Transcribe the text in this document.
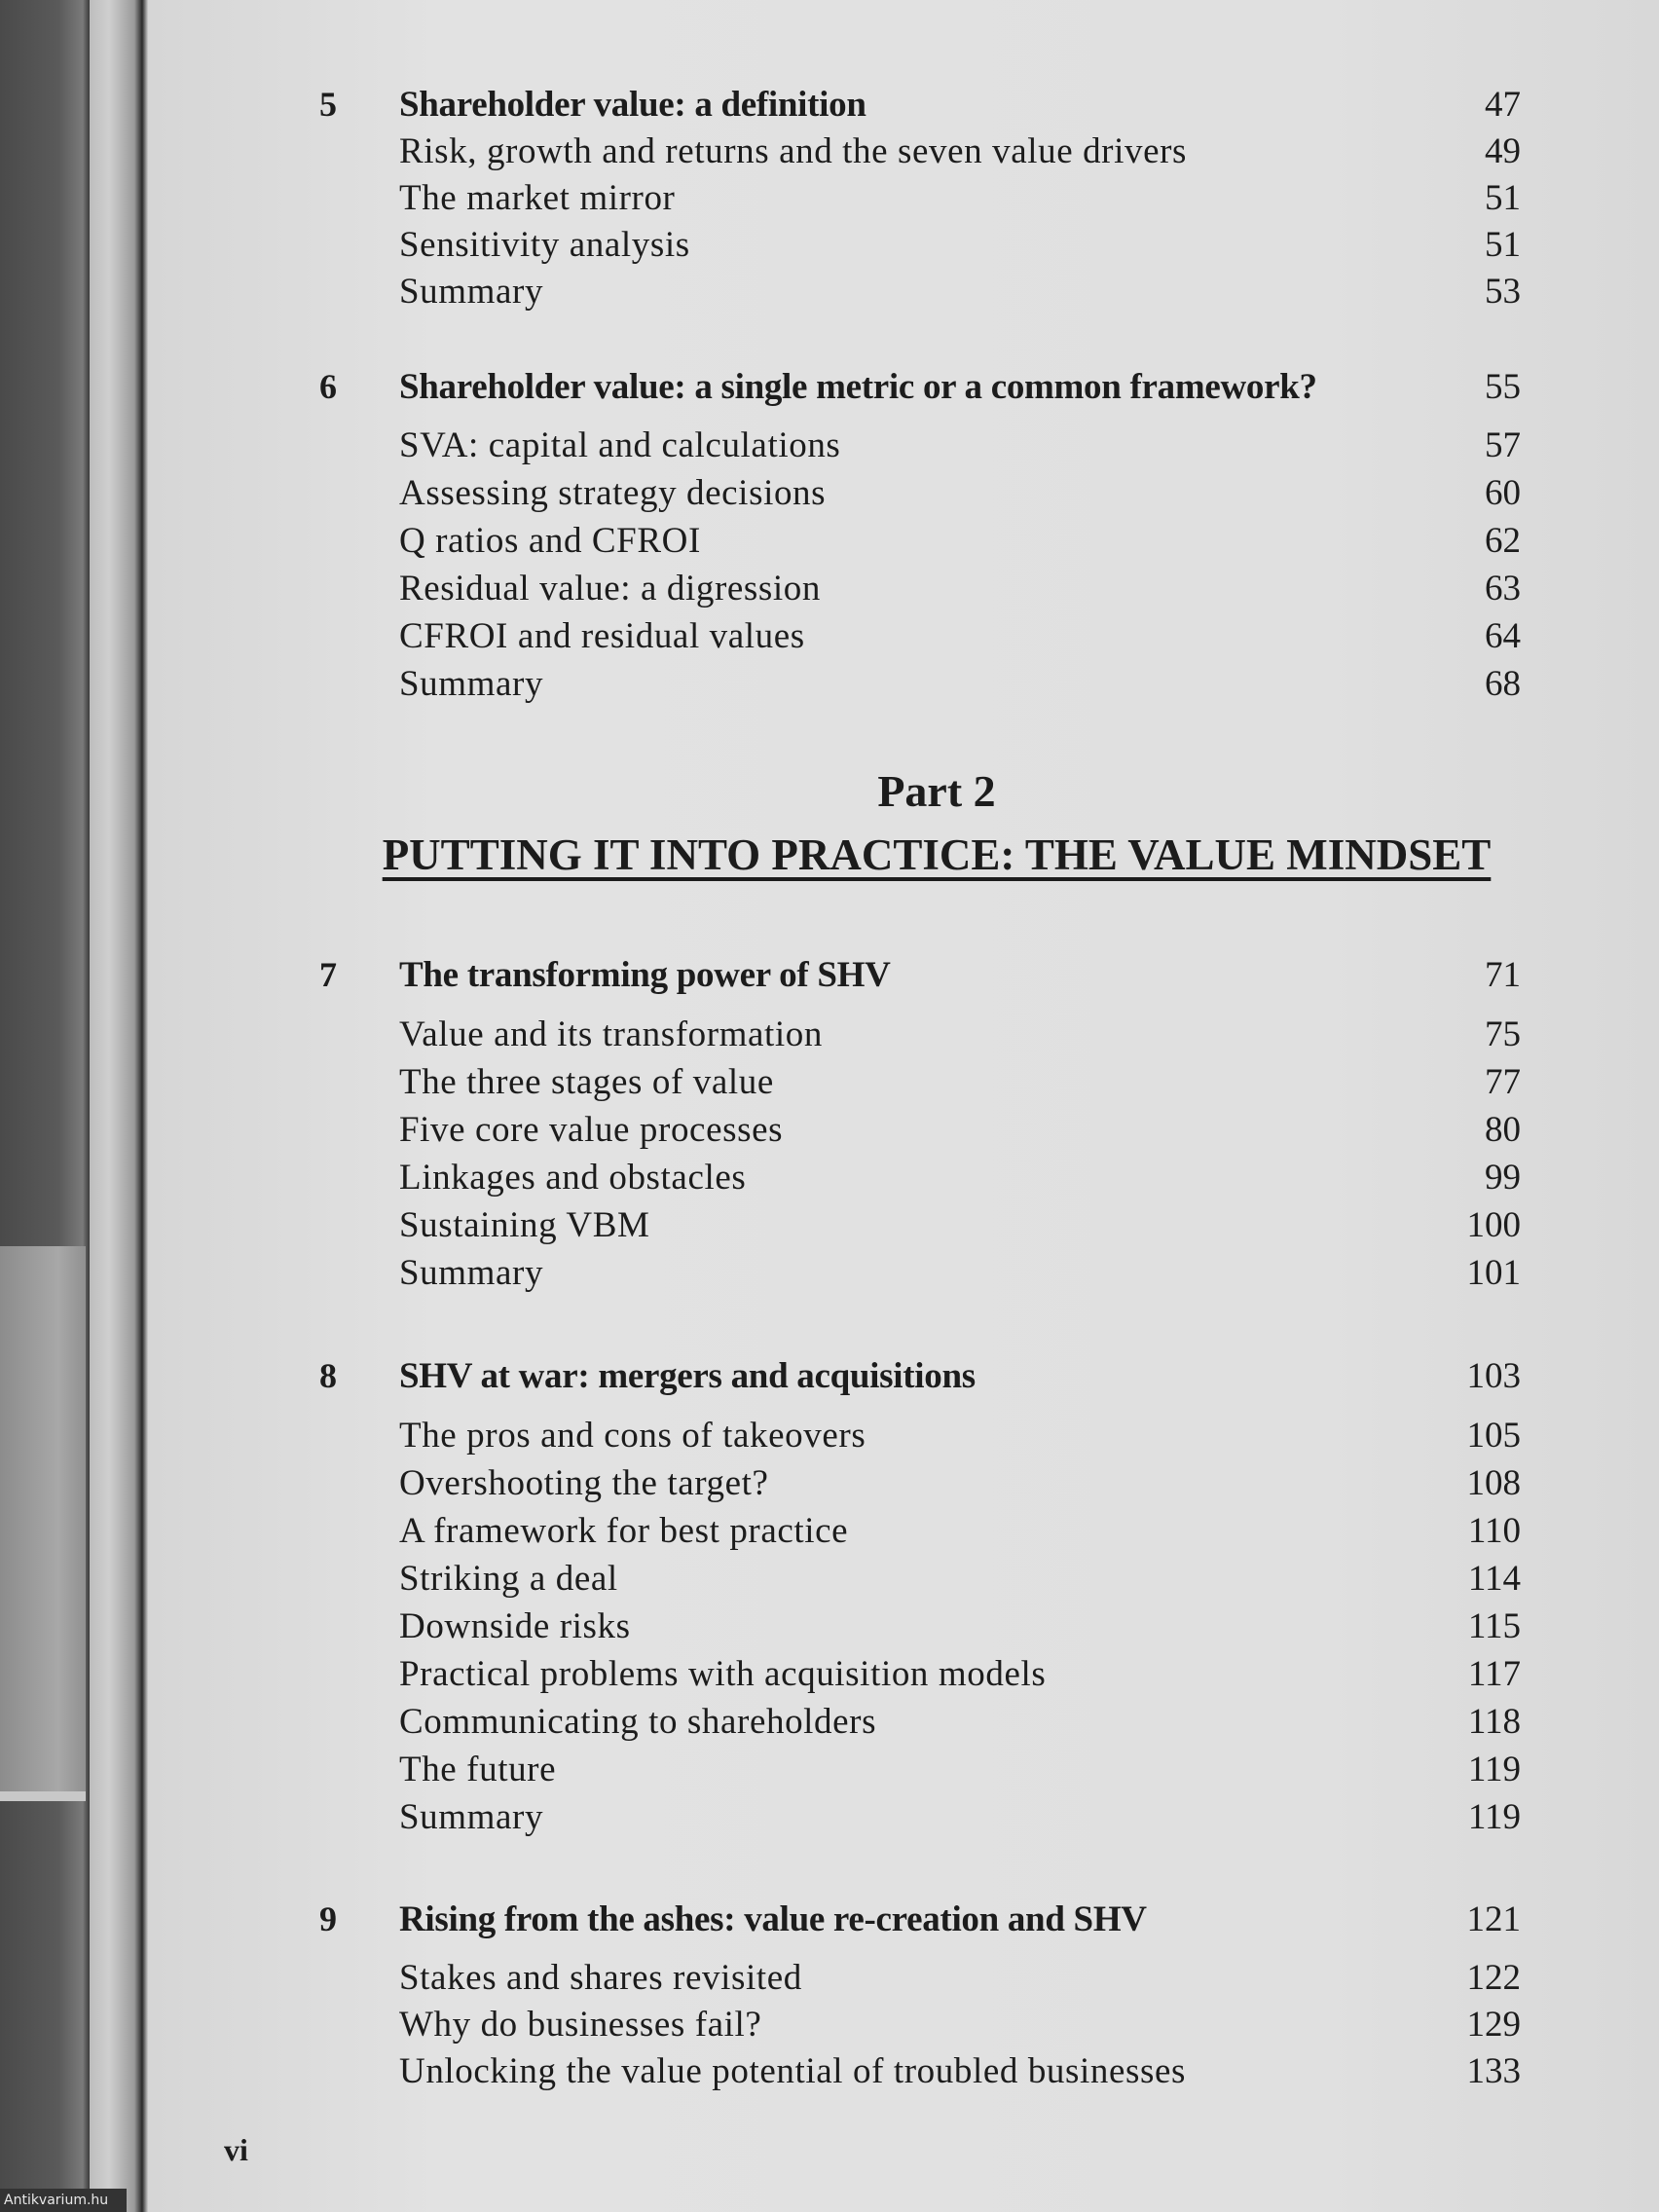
5	Shareholder value: a definition	47
Risk, growth and returns and the seven value drivers	49
The market mirror	51
Sensitivity analysis	51
Summary	53
6	Shareholder value: a single metric or a common framework?	55
SVA: capital and calculations	57
Assessing strategy decisions	60
Q ratios and CFROI	62
Residual value: a digression	63
CFROI and residual values	64
Summary	68
Part 2
PUTTING IT INTO PRACTICE: THE VALUE MINDSET
7	The transforming power of SHV	71
Value and its transformation	75
The three stages of value	77
Five core value processes	80
Linkages and obstacles	99
Sustaining VBM	100
Summary	101
8	SHV at war: mergers and acquisitions	103
The pros and cons of takeovers	105
Overshooting the target?	108
A framework for best practice	110
Striking a deal	114
Downside risks	115
Practical problems with acquisition models	117
Communicating to shareholders	118
The future	119
Summary	119
9	Rising from the ashes: value re-creation and SHV	121
Stakes and shares revisited	122
Why do businesses fail?	129
Unlocking the value potential of troubled businesses	133
vi
Antikvarium.hu
